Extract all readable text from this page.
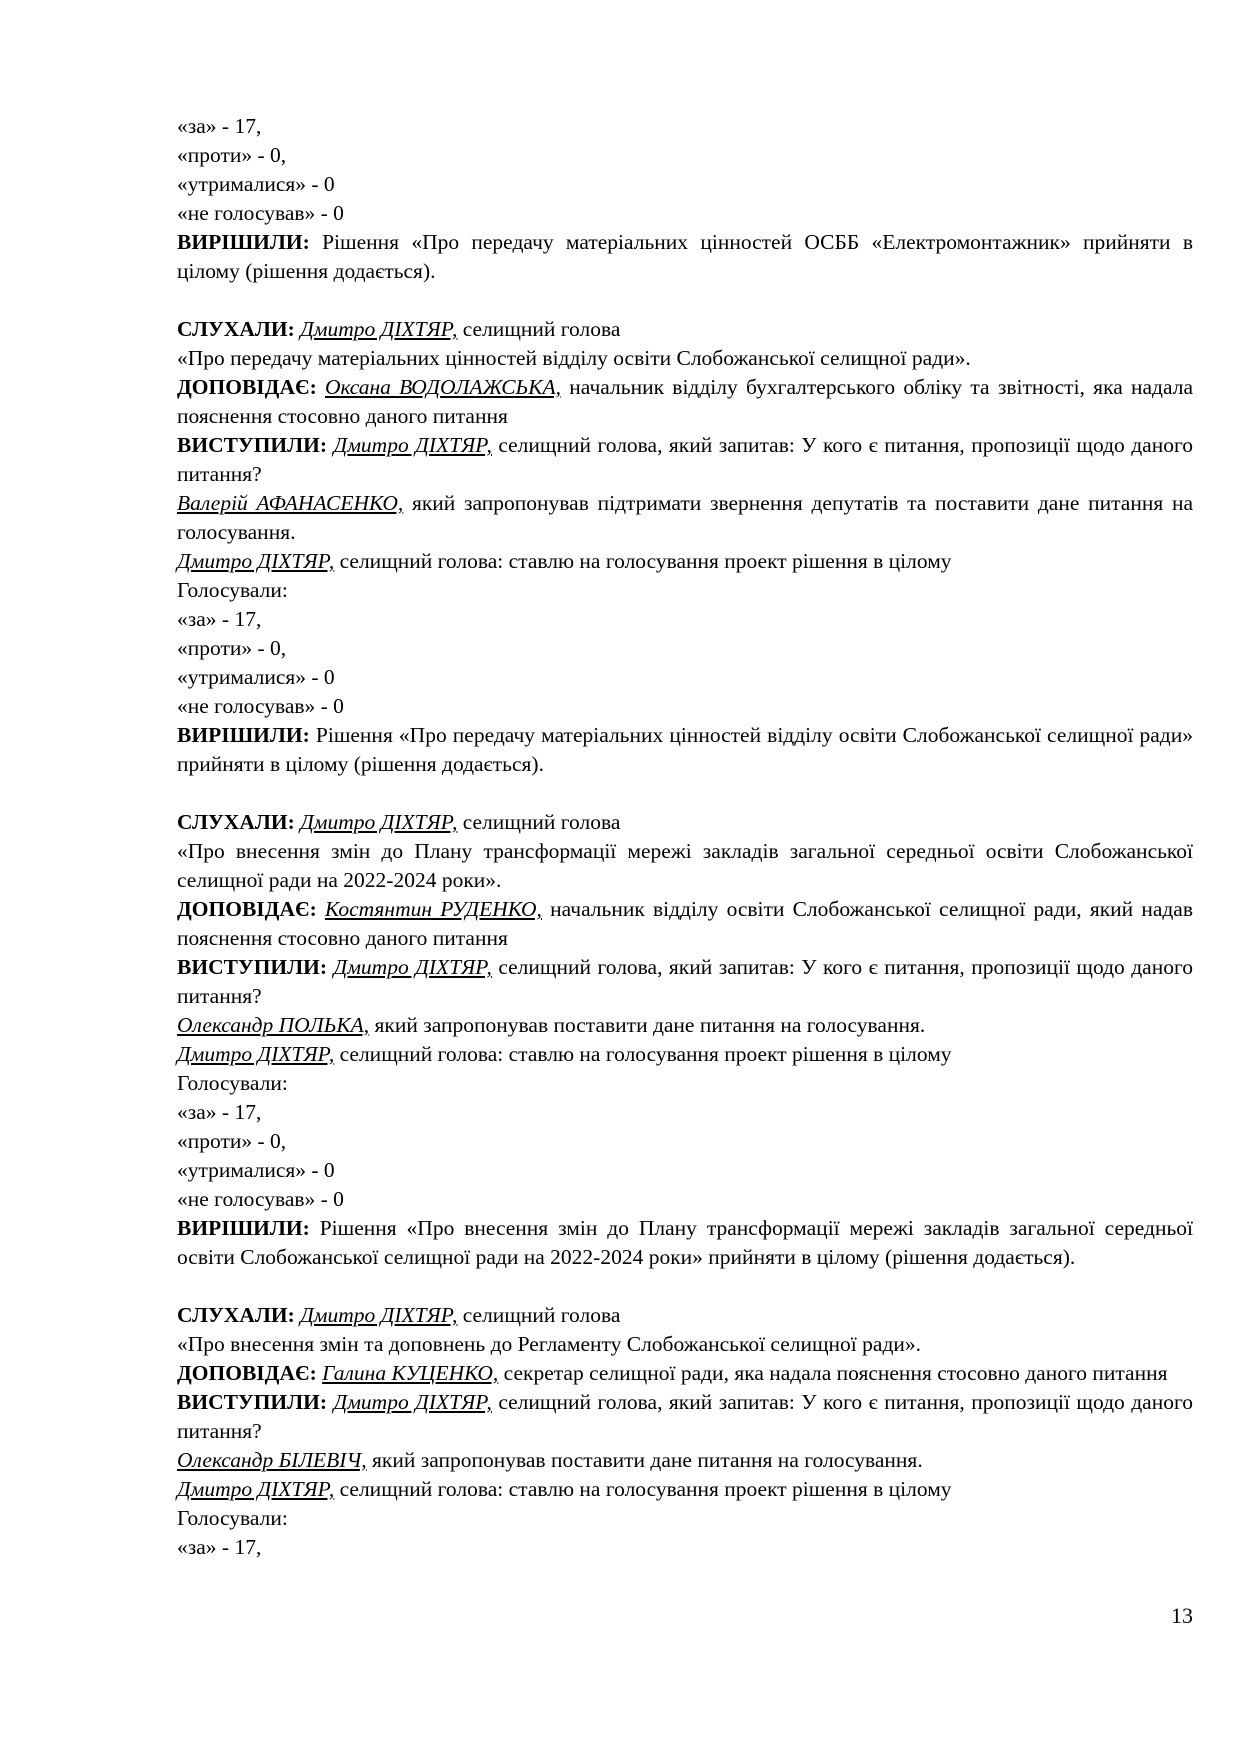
«за» - 17,

«проти» - 0,

«утрималися» - 0

«не голосував» - 0

ВИРІШИЛИ: Рішення «Про передачу матеріальних цінностей ОСББ «Електромонтажник» прийняти в цілому (рішення додається).

СЛУХАЛИ: Дмитро ДІХТЯР, селищний голова

«Про передачу матеріальних цінностей відділу освіти Слобожанської селищної ради».

ДОПОВІДАЄ: Оксана ВОДОЛАЖСЬКА, начальник відділу бухгалтерського обліку та звітності, яка надала пояснення стосовно даного питання

ВИСТУПИЛИ: Дмитро ДІХТЯР, селищний голова, який запитав: У кого є питання, пропозиції щодо даного питання?

Валерій АФАНАСЕНКО, який запропонував підтримати звернення депутатів та поставити дане питання на голосування.

Дмитро ДІХТЯР, селищний голова: ставлю на голосування проект рішення в цілому

Голосували:

«за» - 17,

«проти» - 0,

«утрималися» - 0

«не голосував» - 0

ВИРІШИЛИ: Рішення «Про передачу матеріальних цінностей відділу освіти Слобожанської селищної ради» прийняти в цілому (рішення додається).

СЛУХАЛИ: Дмитро ДІХТЯР, селищний голова

«Про внесення змін до Плану трансформації мережі закладів загальної середньої освіти Слобожанської селищної ради на 2022-2024 роки».

ДОПОВІДАЄ: Костянтин РУДЕНКО, начальник відділу освіти Слобожанської селищної ради, який надав пояснення стосовно даного питання

ВИСТУПИЛИ: Дмитро ДІХТЯР, селищний голова, який запитав: У кого є питання, пропозиції щодо даного питання?

Олександр ПОЛЬКА, який запропонував поставити дане питання на голосування.

Дмитро ДІХТЯР, селищний голова: ставлю на голосування проект рішення в цілому

Голосували:

«за» - 17,

«проти» - 0,

«утрималися» - 0

«не голосував» - 0

ВИРІШИЛИ: Рішення «Про внесення змін до Плану трансформації мережі закладів загальної середньої освіти Слобожанської селищної ради на 2022-2024 роки» прийняти в цілому (рішення додається).

СЛУХАЛИ: Дмитро ДІХТЯР, селищний голова

«Про внесення змін та доповнень до Регламенту Слобожанської селищної ради».

ДОПОВІДАЄ: Галина КУЦЕНКО, секретар селищної ради, яка надала пояснення стосовно даного питання

ВИСТУПИЛИ: Дмитро ДІХТЯР, селищний голова, який запитав: У кого є питання, пропозиції щодо даного питання?

Олександр БІЛЕВІЧ, який запропонував поставити дане питання на голосування.

Дмитро ДІХТЯР, селищний голова: ставлю на голосування проект рішення в цілому

Голосували:

«за» - 17,

13
